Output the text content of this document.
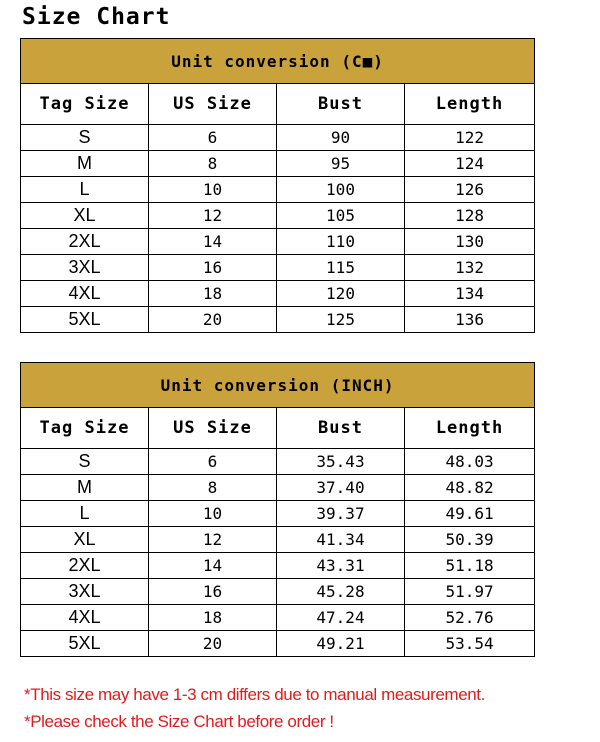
Size Chart
Unit conversion (C■)			
Tag Size	US Size	Bust	Length
S	6	90	122
M	8	95	124
L	10	100	126
XL	12	105	128
2XL	14	110	130
3XL	16	115	132
4XL	18	120	134
5XL	20	125	136
Unit conversion (INCH)			
Tag Size	US Size	Bust	Length
S	6	35.43	48.03
M	8	37.40	48.82
L	10	39.37	49.61
XL	12	41.34	50.39
2XL	14	43.31	51.18
3XL	16	45.28	51.97
4XL	18	47.24	52.76
5XL	20	49.21	53.54
*This size may have 1-3 cm differs due to manual measurement.
*Please check the Size Chart before order !
